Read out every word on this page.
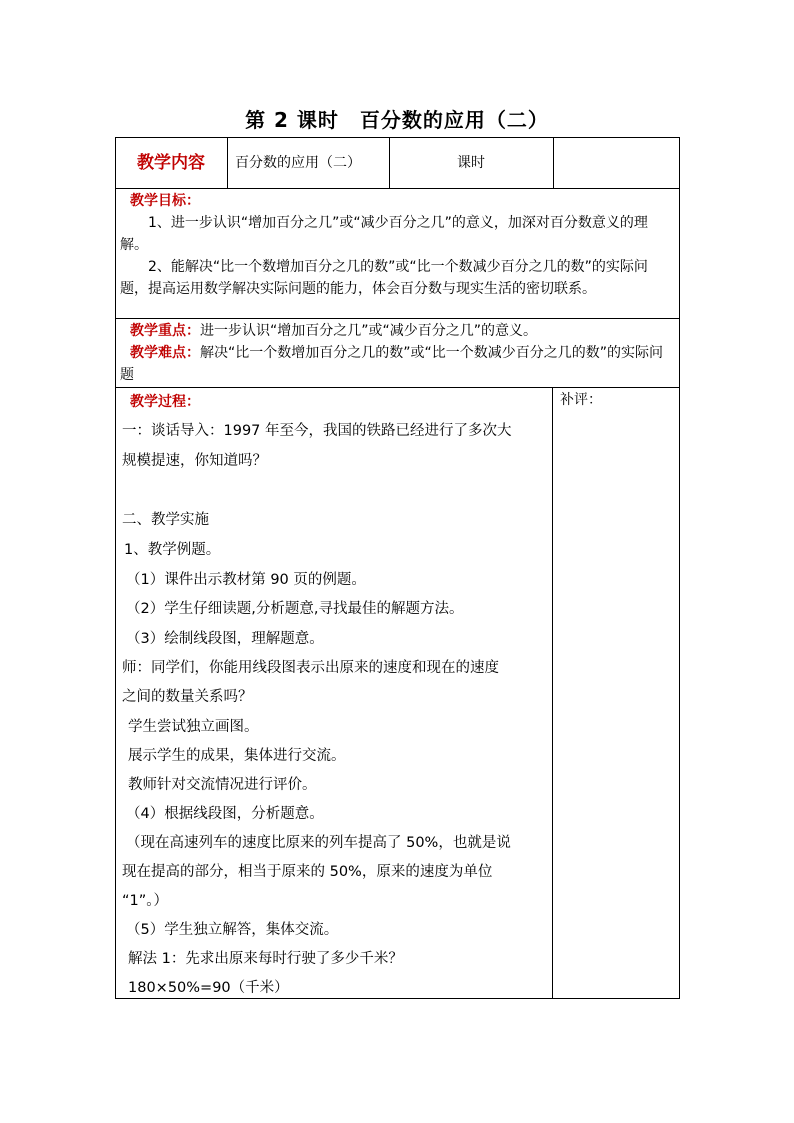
第 2 课时　百分数的应用（二）
教学内容	百分数的应用（二）	课时
教学目标：
1、进一步认识“增加百分之几”或“减少百分之几”的意义，加深对百分数意义的理解。
2、能解决“比一个数增加百分之几的数”或“比一个数减少百分之几的数”的实际问题，提高运用数学解决实际问题的能力，体会百分数与现实生活的密切联系。
教学重点：进一步认识“增加百分之几”或“减少百分之几”的意义。
教学难点：解决“比一个数增加百分之几的数”或“比一个数减少百分之几的数”的实际问题
教学过程：	补评：
一：谈话导入：1997 年至今，我国的铁路已经进行了多次大
规模提速，你知道吗？
二、教学实施
1、教学例题。
（1）课件出示教材第 90 页的例题。
（2）学生仔细读题,分析题意,寻找最佳的解题方法。
（3）绘制线段图，理解题意。
师：同学们，你能用线段图表示出原来的速度和现在的速度
之间的数量关系吗？
学生尝试独立画图。
展示学生的成果，集体进行交流。
教师针对交流情况进行评价。
（4）根据线段图，分析题意。
（现在高速列车的速度比原来的列车提高了 50%，也就是说
现在提高的部分，相当于原来的 50%，原来的速度为单位
“1”。）
（5）学生独立解答，集体交流。
解法 1：先求出原来每时行驶了多少千米？
180×50%=90（千米）
